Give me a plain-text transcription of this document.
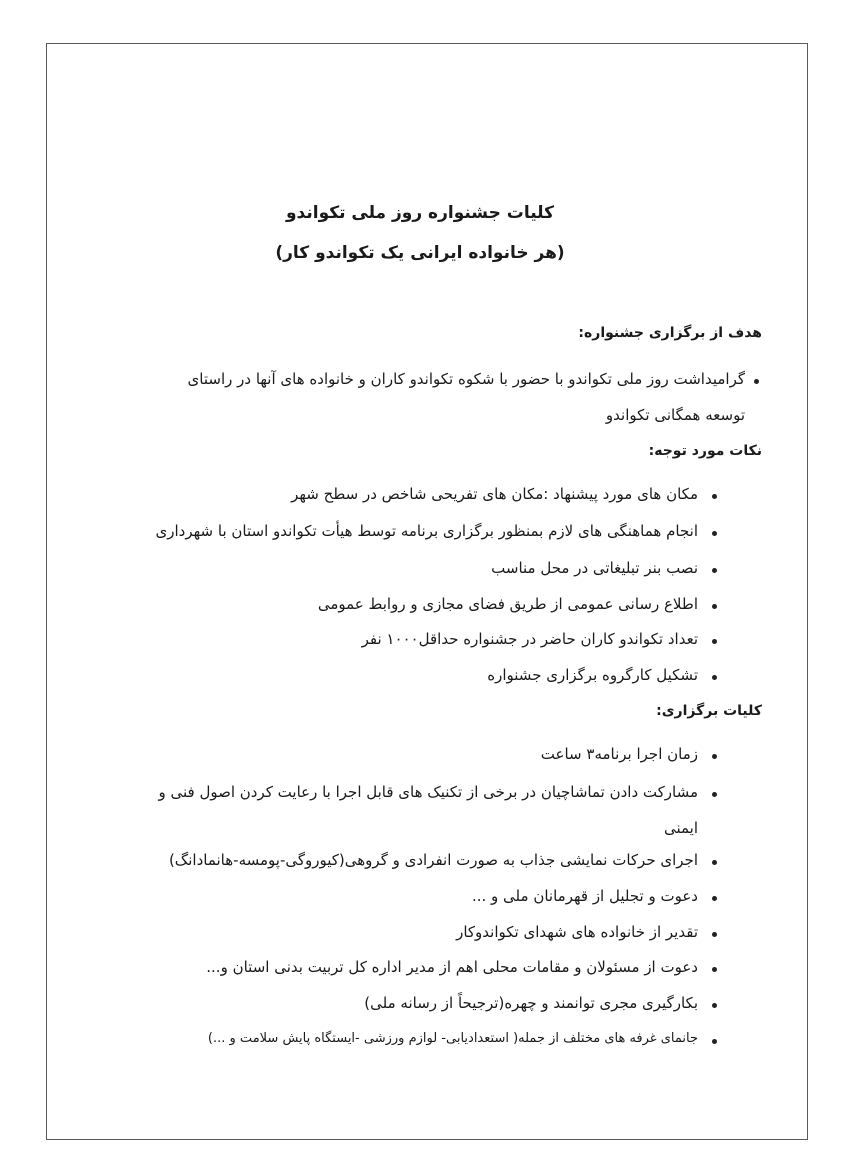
کلیات جشنواره روز ملی تکواندو
(هر خانواده ایرانی یک تکواندو کار)
هدف از برگزاری جشنواره:
گرامیداشت روز ملی تکواندو با حضور با شکوه تکواندو کاران و خانواده های آنها در راستای
توسعه همگانی تکواندو
نکات مورد توجه:
مکان های مورد پیشنهاد :مکان های تفریحی شاخص در سطح شهر
انجام هماهنگی های لازم بمنظور برگزاری برنامه توسط هیأت تکواندو استان با شهرداری
نصب بنر تبلیغاتی در محل مناسب
اطلاع رسانی عمومی از طریق فضای مجازی و روابط عمومی
تعداد تکواندو کاران حاضر در جشنواره حداقل۱۰۰۰ نفر
تشکیل کارگروه برگزاری جشنواره
کلیات برگزاری:
زمان اجرا برنامه۳ ساعت
مشارکت دادن تماشاچیان در برخی از تکنیک های قابل اجرا با رعایت کردن اصول فنی و
ایمنی
اجرای حرکات نمایشی جذاب به صورت انفرادی و گروهی(کیوروگی-پومسه-هانمادانگ)
دعوت و تجلیل از قهرمانان ملی و ...
تقدیر از خانواده های شهدای تکواندوکار
دعوت از مسئولان و مقامات محلی اهم از مدیر اداره کل تربیت بدنی استان و...
بکارگیری مجری توانمند و چهره(ترجیحاً از رسانه ملی)
جانمای غرفه های مختلف از جمله( استعدادیابی- لوازم ورزشی -ایستگاه پایش سلامت و ...)
